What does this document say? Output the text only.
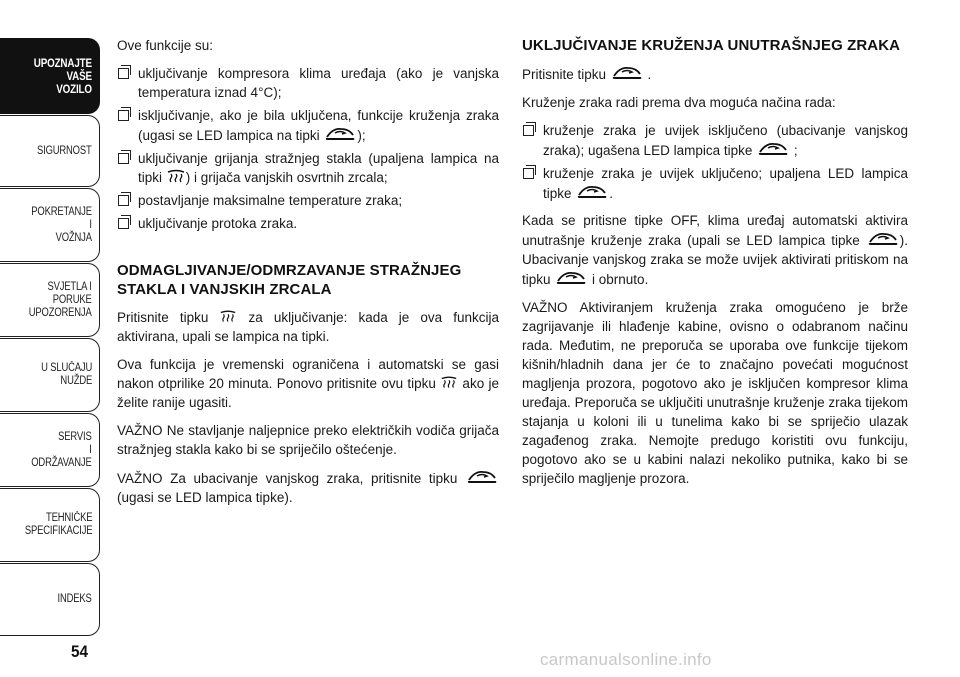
UPOZNAJTE
VAŠE
VOZILO
SIGURNOST
POKRETANJE
I
VOŽNJA
SVJETLA I
PORUKE
UPOZORENJA
U SLUČAJU
NUŽDE
SERVIS
I
ODRŽAVANJE
TEHNIČKE
SPECIFIKACIJE
INDEKS
54

Ove funkcije su:

uključivanje kompresora klima uređaja (ako je vanjska temperatura iznad 4°C);
isključivanje, ako je bila uključena, funkcije kruženja zraka (ugasi se LED lampica na tipki	);
uključivanje grijanja stražnjeg stakla (upaljena lampica na tipki
) i grijača vanjskih osvrtnih zrcala;
postavljanje maksimalne temperature zraka;
uključivanje protoka zraka.
ODMAGLJIVANJE/ODMRZAVANJE STRAŽNJEG STAKLA I VANJSKIH ZRCALA

Pritisnite tipku
za uključivanje: kada je ova funkcija aktivirana, upali se lampica na tipki.

Ova funkcija je vremenski ograničena i automatski se gasi nakon otprilike 20 minuta. Ponovo pritisnite ovu tipku
ako je želite ranije ugasiti.

VAŽNO Ne stavljanje naljepnice preko električkih vodiča grijača stražnjeg stakla kako bi se spriječilo oštećenje.

VAŽNO Za ubacivanje vanjskog zraka, pritisnite tipku
(ugasi se LED lampica tipke).

UKLJUČIVANJE KRUŽENJA UNUTRAŠNJEG ZRAKA

Pritisnite tipku	.

Kruženje zraka radi prema dva moguća načina rada:

kruženje zraka je uvijek isključeno (ubacivanje vanjskog zraka); ugašena LED lampica tipke	;
kruženje zraka je uvijek uključeno; upaljena LED lampica tipke	.

Kada se pritisne tipke OFF, klima uređaj automatski aktivira unutrašnje kruženje zraka (upali se LED lampica tipke	). Ubacivanje vanjskog zraka se može uvijek aktivirati pritiskom na tipku	i obrnuto.

VAŽNO Aktiviranjem kruženja zraka omogućeno je brže zagrijavanje ili hlađenje kabine, ovisno o odabranom načinu rada. Međutim, ne preporuča se uporaba ove funkcije tijekom kišnih/hladnih dana jer će to značajno povećati mogućnost magljenja prozora, pogotovo ako je isključen kompresor klima uređaja. Preporuča se uključiti unutrašnje kruženje zraka tijekom stajanja u koloni ili u tunelima kako bi se spriječio ulazak zagađenog zraka. Nemojte predugo koristiti ovu funkciju, pogotovo ako se u kabini nalazi nekoliko putnika, kako bi se spriječilo magljenje prozora.

carmanualsonline.info
